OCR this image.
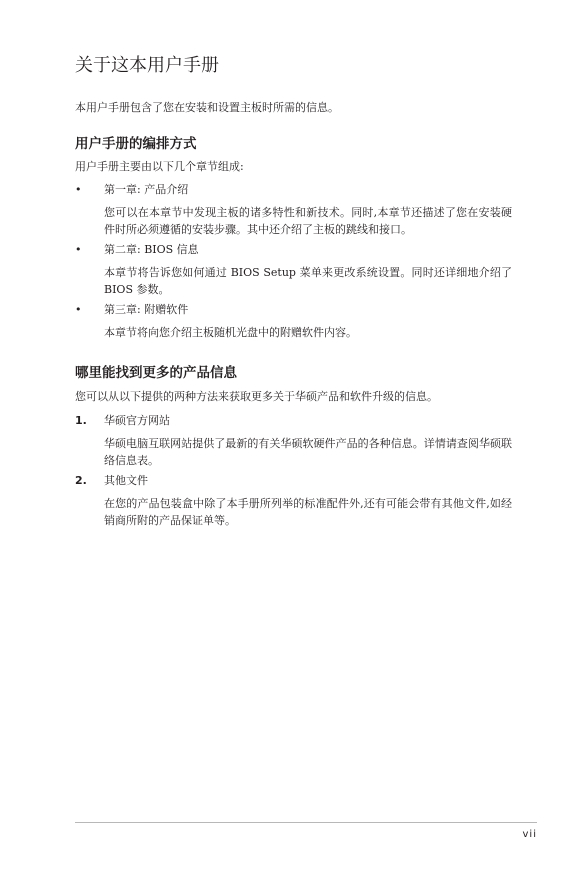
关于这本用户手册

本用户手册包含了您在安装和设置主板时所需的信息。

用户手册的编排方式

用户手册主要由以下几个章节组成:

• 第一章: 产品介绍
您可以在本章节中发现主板的诸多特性和新技术。同时,本章节还描述了您在安装硬件时所必须遵循的安装步骤。其中还介绍了主板的跳线和接口。
• 第二章: BIOS 信息
本章节将告诉您如何通过 BIOS Setup 菜单来更改系统设置。同时还详细地介绍了BIOS 参数。
• 第三章: 附赠软件
本章节将向您介绍主板随机光盘中的附赠软件内容。
哪里能找到更多的产品信息

您可以从以下提供的两种方法来获取更多关于华硕产品和软件升级的信息。

1. 华硕官方网站
华硕电脑互联网站提供了最新的有关华硕软硬件产品的各种信息。详情请查阅华硕联络信息表。
2. 其他文件
在您的产品包装盒中除了本手册所列举的标准配件外,还有可能会带有其他文件,如经销商所附的产品保证单等。
vii
